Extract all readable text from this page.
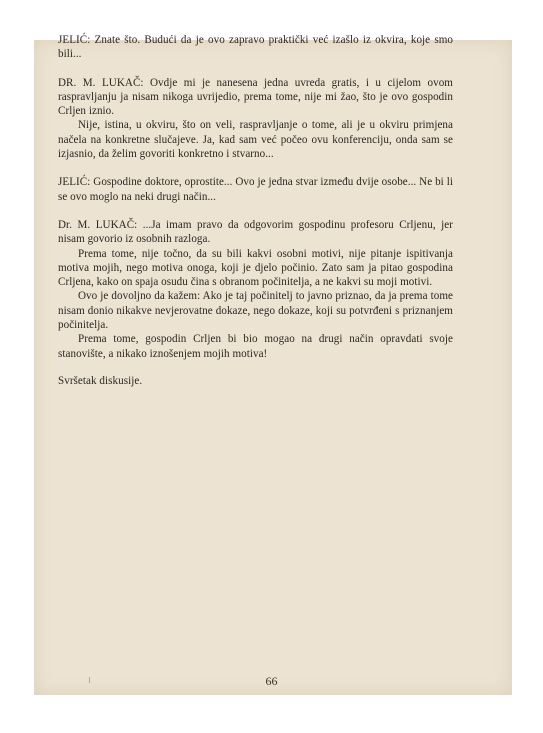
JELIĆ: Znate što. Budući da je ovo zapravo praktički već izašlo iz okvira, koje smo bili...

DR. M. LUKAČ: Ovdje mi je nanesena jedna uvreda gratis, i u cijelom ovom raspravljanju ja nisam nikoga uvrijedio, prema tome, nije mi žao, što je ovo gospodin Crljen iznio.

Nije, istina, u okviru, što on veli, raspravljanje o tome, ali je u okviru primjena načela na konkretne slučajeve. Ja, kad sam već počeo ovu konferenciju, onda sam se izjasnio, da želim govoriti konkretno i stvarno...

JELIĆ: Gospodine doktore, oprostite... Ovo je jedna stvar između dvije osobe... Ne bi li se ovo moglo na neki drugi način...

Dr. M. LUKAČ: ...Ja imam pravo da odgovorim gospodinu profesoru Crljenu, jer nisam govorio iz osobnih razloga.

Prema tome, nije točno, da su bili kakvi osobni motivi, nije pitanje ispitivanja motiva mojih, nego motiva onoga, koji je djelo počinio. Zato sam ja pitao gospodina Crljena, kako on spaja osudu čina s obranom počinitelja, a ne kakvi su moji motivi.

Ovo je dovoljno da kažem: Ako je taj počinitelj to javno priznao, da ja prema tome nisam donio nikakve nevjerovatne dokaze, nego dokaze, koji su potvrđeni s priznanjem počinitelja.

Prema tome, gospodin Crljen bi bio mogao na drugi način opravdati svoje stanovište, a nikako iznošenjem mojih motiva!

Svršetak diskusije.

66
